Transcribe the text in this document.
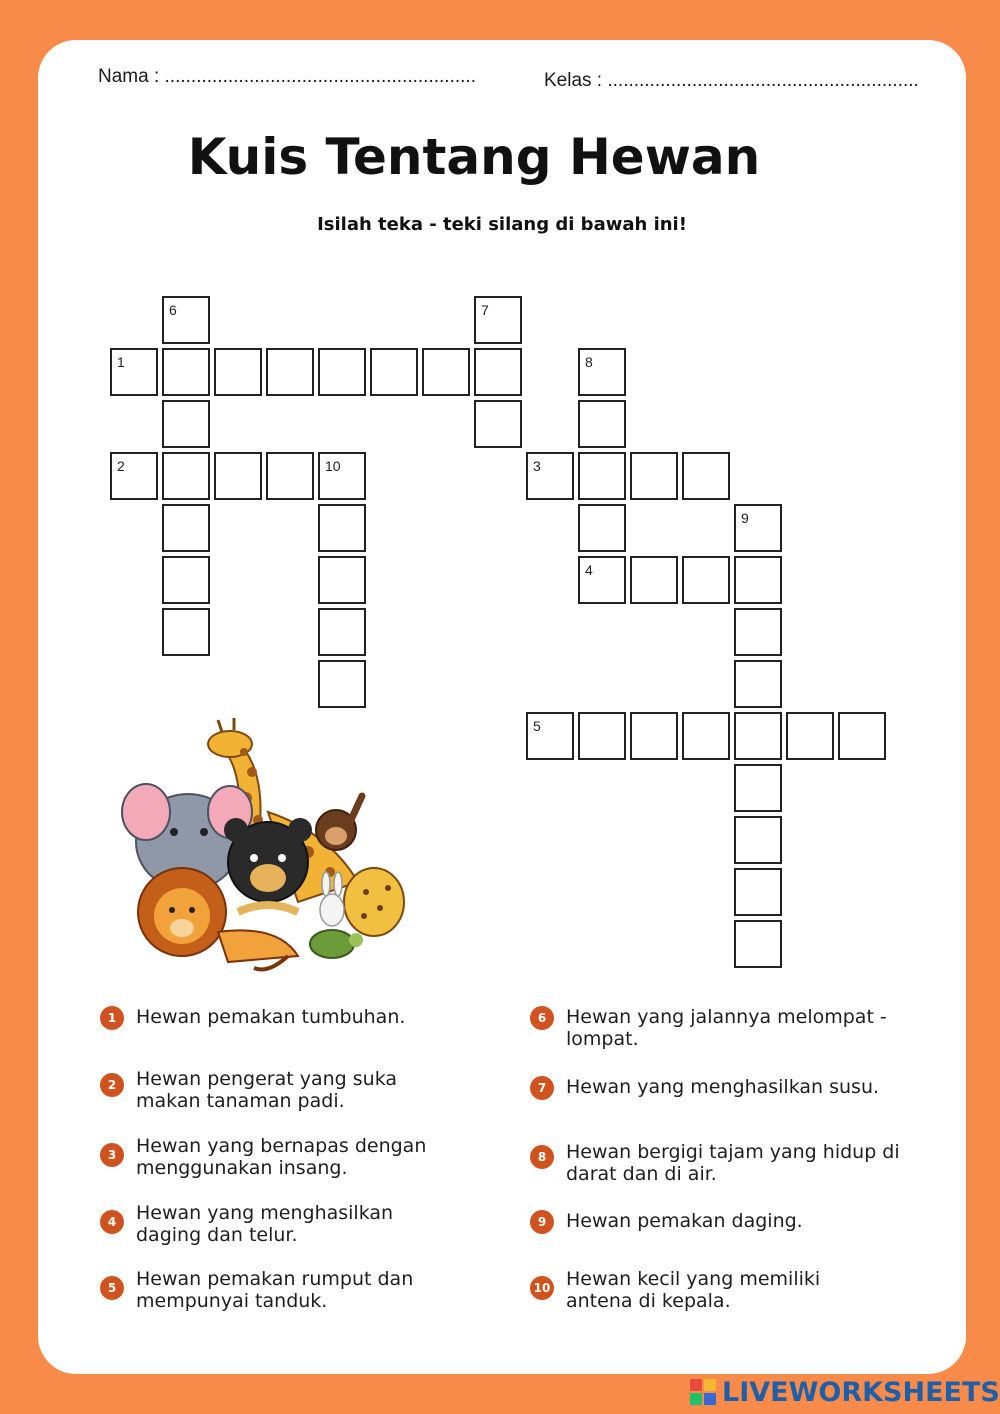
Nama : ...........................................................	Kelas : ...........................................................
Kuis Tentang Hewan
Isilah teka - teki silang di bawah ini!
6	7
1	8
2	10	3
9
4
5
1	Hewan pemakan tumbuhan.
2	Hewan pengerat yang suka makan tanaman padi.
3	Hewan yang bernapas dengan menggunakan insang.
4	Hewan yang menghasilkan daging dan telur.
5	Hewan pemakan rumput dan mempunyai tanduk.
6	Hewan yang jalannya melompat - lompat.
7	Hewan yang menghasilkan susu.
8	Hewan bergigi tajam yang hidup di darat dan di air.
9	Hewan pemakan daging.
10 Hewan kecil yang memiliki antena di kepala.
LIVEWORKSHEETS
